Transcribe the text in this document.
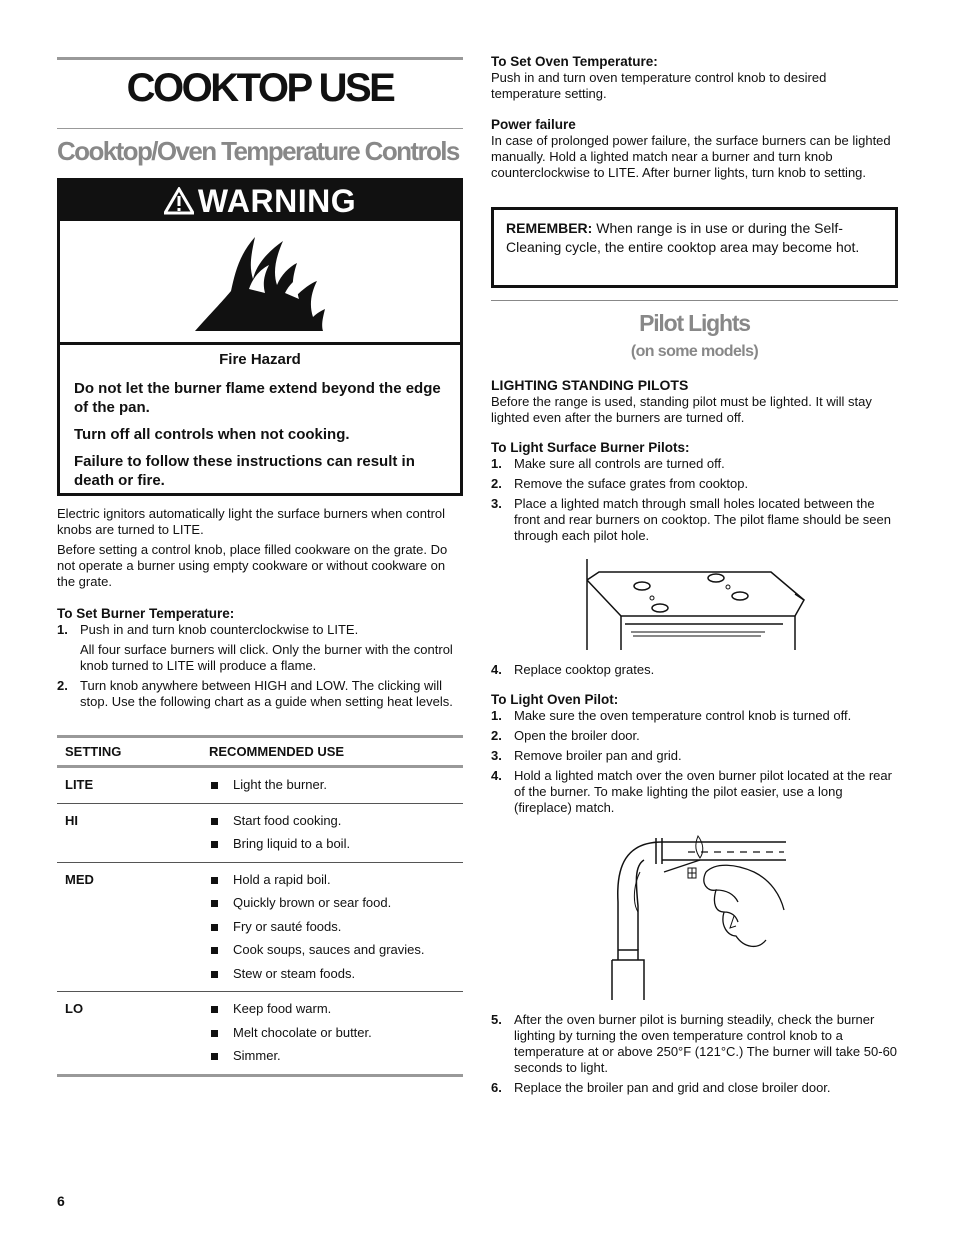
COOKTOP USE
Cooktop/Oven Temperature Controls
WARNING
Fire Hazard

Do not let the burner flame extend beyond the edge of the pan.

Turn off all controls when not cooking.

Failure to follow these instructions can result in death or fire.

Electric ignitors automatically light the surface burners when control knobs are turned to LITE.

Before setting a control knob, place filled cookware on the grate. Do not operate a burner using empty cookware or without cookware on the grate.

To Set Burner Temperature:
1. Push in and turn knob counterclockwise to LITE.
All four surface burners will click. Only the burner with the control knob turned to LITE will produce a flame.
2. Turn knob anywhere between HIGH and LOW. The clicking will stop. Use the following chart as a guide when setting heat levels.
SETTING	RECOMMENDED USE
LITE	Light the burner.
HI	Start food cooking.
Bring liquid to a boil.
MED	Hold a rapid boil.
Quickly brown or sear food.
Fry or sauté foods.
Cook soups, sauces and gravies.
Stew or steam foods.
LO	Keep food warm.
Melt chocolate or butter.
Simmer.
To Set Oven Temperature:

Push in and turn oven temperature control knob to desired temperature setting.

Power failure

In case of prolonged power failure, the surface burners can be lighted manually. Hold a lighted match near a burner and turn knob counterclockwise to LITE. After burner lights, turn knob to setting.

REMEMBER: When range is in use or during the Self-Cleaning cycle, the entire cooktop area may become hot.
Pilot Lights
(on some models)
LIGHTING STANDING PILOTS

Before the range is used, standing pilot must be lighted. It will stay lighted even after the burners are turned off.

To Light Surface Burner Pilots:
1. Make sure all controls are turned off.
2. Remove the suface grates from cooktop.
3. Place a lighted match through small holes located between the front and rear burners on cooktop. The pilot flame should be seen through each pilot hole.
4. Replace cooktop grates.
To Light Oven Pilot:
1. Make sure the oven temperature control knob is turned off.
2. Open the broiler door.
3. Remove broiler pan and grid.
4. Hold a lighted match over the oven burner pilot located at the rear of the burner. To make lighting the pilot easier, use a long (fireplace) match.
5. After the oven burner pilot is burning steadily, check the burner lighting by turning the oven temperature control knob to a temperature at or above 250°F (121°C.) The burner will take 50-60 seconds to light.
6. Replace the broiler pan and grid and close broiler door.
6
